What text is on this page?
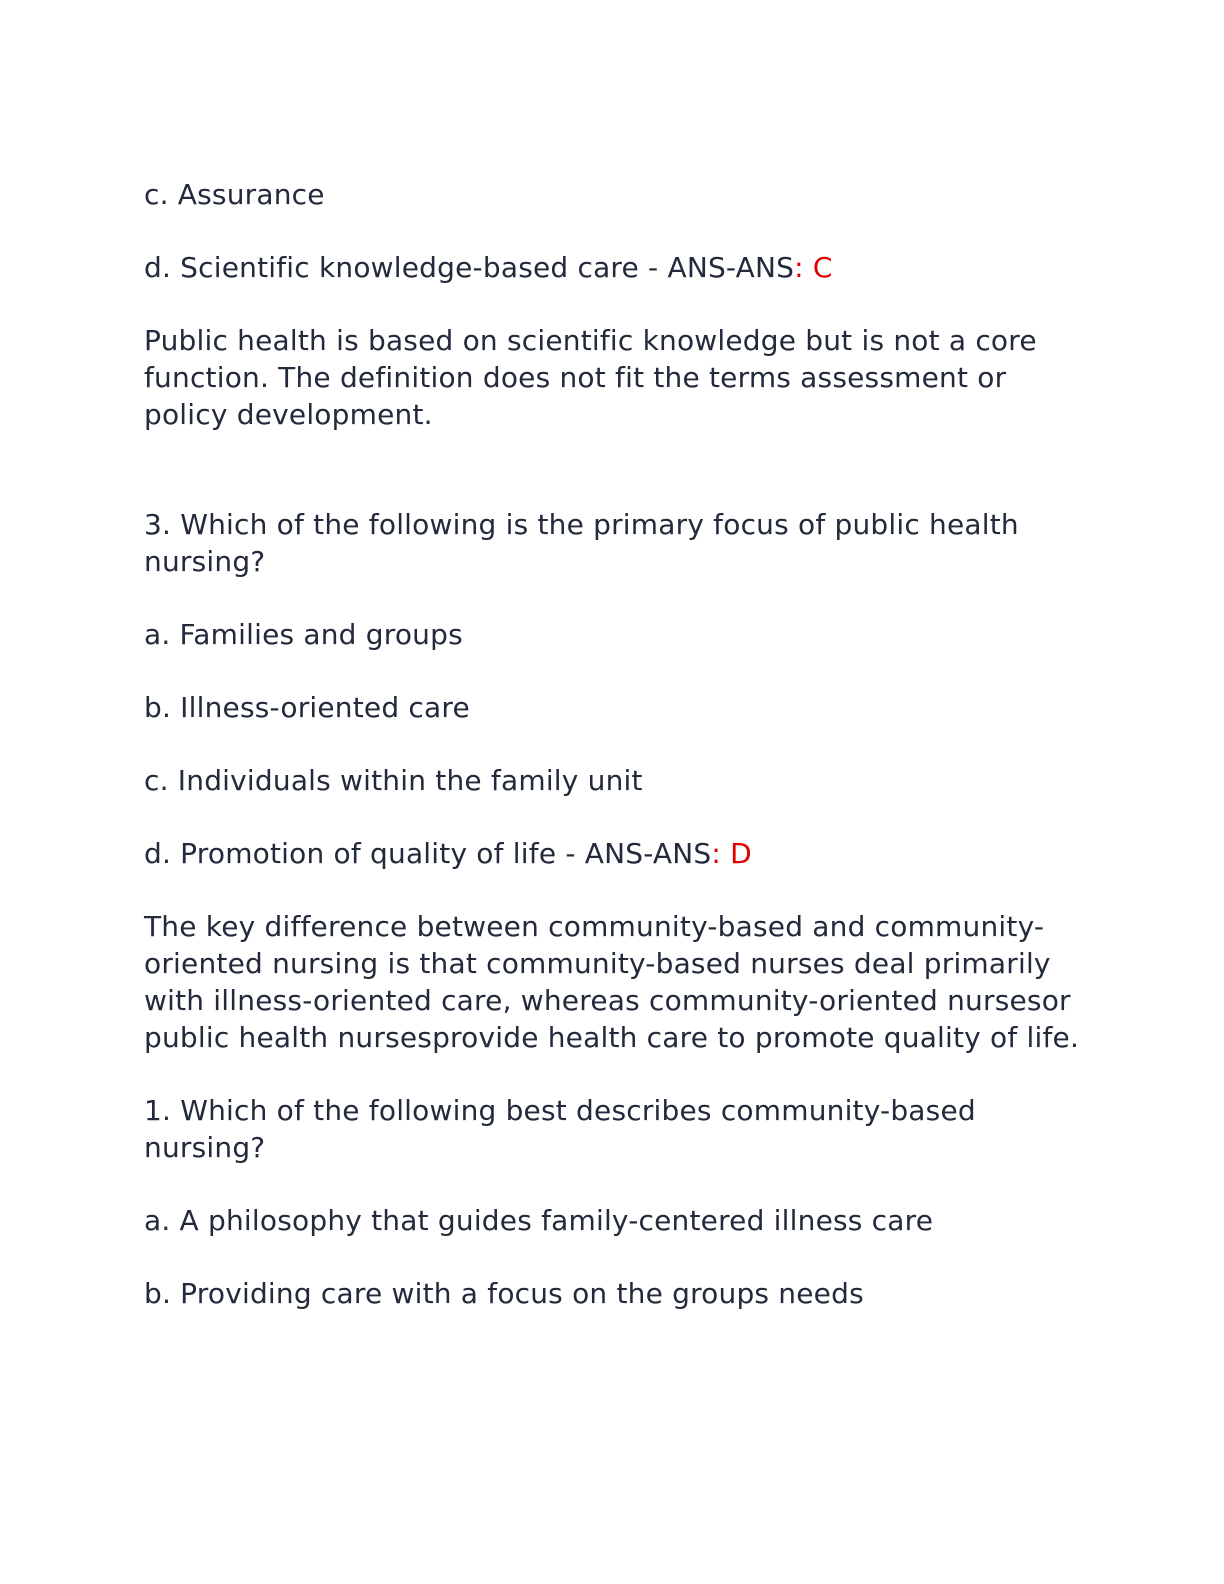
c. Assurance

d. Scientific knowledge-based care - ANS-ANS: C

Public health is based on scientific knowledge but is not a core function. The definition does not fit the terms assessment or policy development.

3. Which of the following is the primary focus of public health nursing?

a. Families and groups

b. Illness-oriented care

c. Individuals within the family unit

d. Promotion of quality of life - ANS-ANS: D

The key difference between community-based and community-oriented nursing is that community-based nurses deal primarily with illness-oriented care, whereas community-oriented nursesor public health nursesprovide health care to promote quality of life.

1. Which of the following best describes community-based nursing?

a. A philosophy that guides family-centered illness care

b. Providing care with a focus on the groups needs
